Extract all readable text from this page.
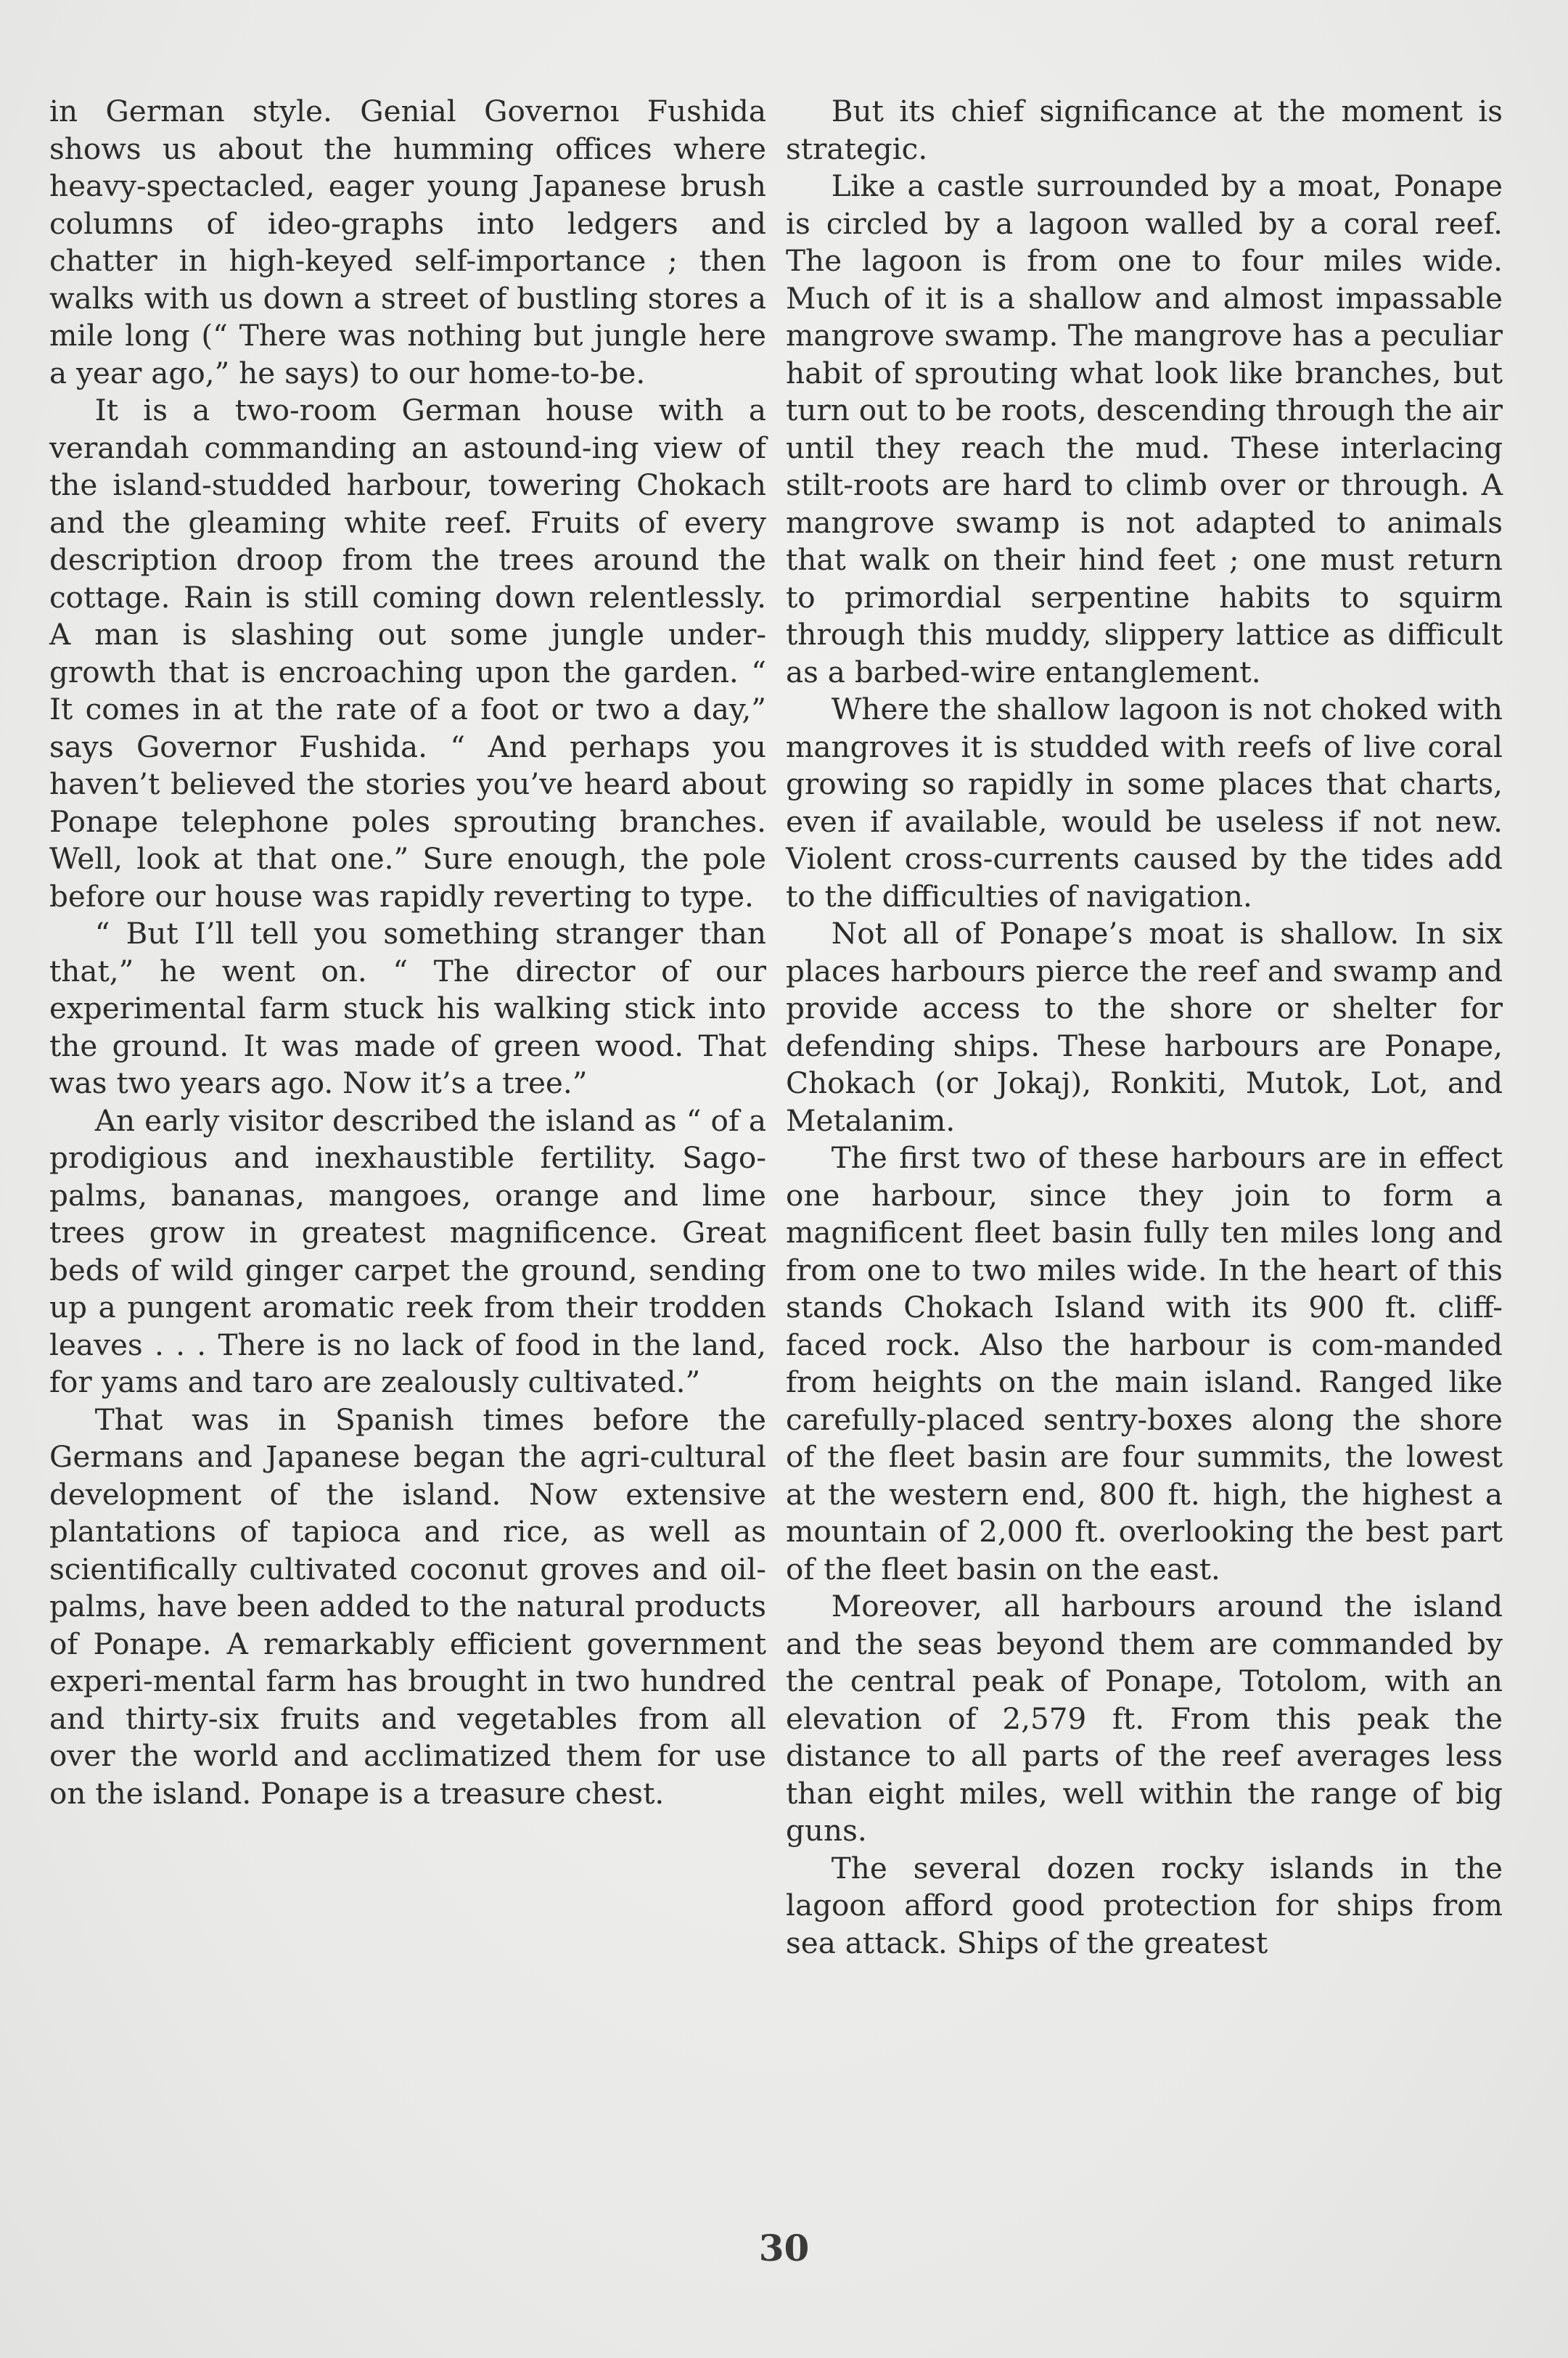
in German style. Genial Governoı Fushida shows us about the humming offices where heavy-spectacled, eager young Japanese brush columns of ideo-graphs into ledgers and chatter in high-keyed self-importance ; then walks with us down a street of bustling stores a mile long (“ There was nothing but jungle here a year ago,” he says) to our home-to-be.

It is a two-room German house with a verandah commanding an astound-ing view of the island-studded harbour, towering Chokach and the gleaming white reef. Fruits of every description droop from the trees around the cottage. Rain is still coming down relentlessly. A man is slashing out some jungle under-growth that is encroaching upon the garden. “ It comes in at the rate of a foot or two a day,” says Governor Fushida. “ And perhaps you haven’t believed the stories you’ve heard about Ponape telephone poles sprouting branches. Well, look at that one.” Sure enough, the pole before our house was rapidly reverting to type.

“ But I’ll tell you something stranger than that,” he went on. “ The director of our experimental farm stuck his walking stick into the ground. It was made of green wood. That was two years ago. Now it’s a tree.”

An early visitor described the island as “ of a prodigious and inexhaustible fertility. Sago-palms, bananas, mangoes, orange and lime trees grow in greatest magnificence. Great beds of wild ginger carpet the ground, sending up a pungent aromatic reek from their trodden leaves . . . There is no lack of food in the land, for yams and taro are zealously cultivated.”

That was in Spanish times before the Germans and Japanese began the agri-cultural development of the island. Now extensive plantations of tapioca and rice, as well as scientifically cultivated coconut groves and oil-palms, have been added to the natural products of Ponape. A remarkably efficient government experi-mental farm has brought in two hundred and thirty-six fruits and vegetables from all over the world and acclimatized them for use on the island. Ponape is a treasure chest.

But its chief significance at the moment is strategic.

Like a castle surrounded by a moat, Ponape is circled by a lagoon walled by a coral reef. The lagoon is from one to four miles wide. Much of it is a shallow and almost impassable mangrove swamp. The mangrove has a peculiar habit of sprouting what look like branches, but turn out to be roots, descending through the air until they reach the mud. These interlacing stilt-roots are hard to climb over or through. A mangrove swamp is not adapted to animals that walk on their hind feet ; one must return to primordial serpentine habits to squirm through this muddy, slippery lattice as difficult as a barbed-wire entanglement.

Where the shallow lagoon is not choked with mangroves it is studded with reefs of live coral growing so rapidly in some places that charts, even if available, would be useless if not new. Violent cross-currents caused by the tides add to the difficulties of navigation.

Not all of Ponape’s moat is shallow. In six places harbours pierce the reef and swamp and provide access to the shore or shelter for defending ships. These harbours are Ponape, Chokach (or Jokaj), Ronkiti, Mutok, Lot, and Metalanim.

The first two of these harbours are in effect one harbour, since they join to form a magnificent fleet basin fully ten miles long and from one to two miles wide. In the heart of this stands Chokach Island with its 900 ft. cliff-faced rock. Also the harbour is com-manded from heights on the main island. Ranged like carefully-placed sentry-boxes along the shore of the fleet basin are four summits, the lowest at the western end, 800 ft. high, the highest a mountain of 2,000 ft. overlooking the best part of the fleet basin on the east.

Moreover, all harbours around the island and the seas beyond them are commanded by the central peak of Ponape, Totolom, with an elevation of 2,579 ft. From this peak the distance to all parts of the reef averages less than eight miles, well within the range of big guns.

The several dozen rocky islands in the lagoon afford good protection for ships from sea attack. Ships of the greatest

30
